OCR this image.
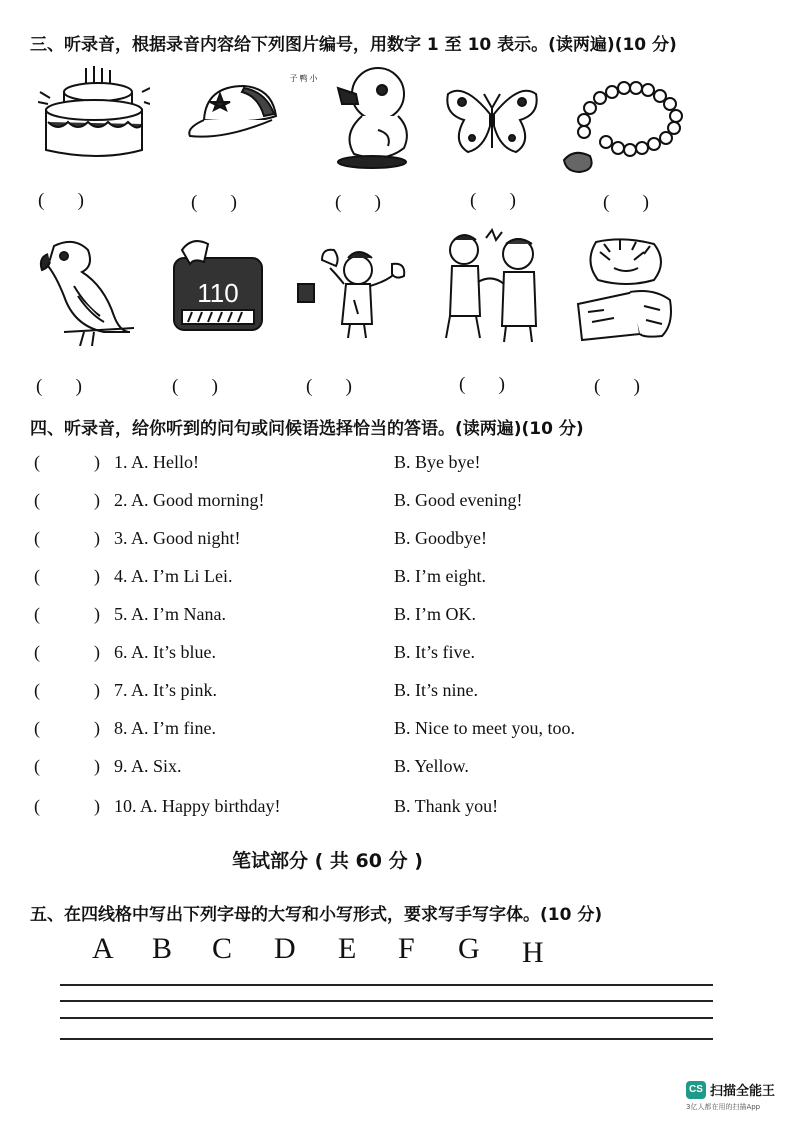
三、听录音，根据录音内容给下列图片编号，用数字 1 至 10 表示。(读两遍)(10 分)
小鸭子
(       )	(       )	(       )	(       )	(       )
110
(       )	(       )	(       )	(       )	(       )
四、听录音，给你听到的问句或问候语选择恰当的答语。(读两遍)(10 分)
(	) 1. A. Hello!	B. Bye bye!
(	) 2. A. Good morning!	B. Good evening!
(	) 3. A. Good night!	B. Goodbye!
(	) 4. A. I’m Li Lei.	B. I’m eight.
(	) 5. A. I’m Nana.	B. I’m OK.
(	) 6. A. It’s blue.	B. It’s five.
(	) 7. A. It’s pink.	B. It’s nine.
(	) 8. A. I’m fine.	B. Nice to meet you, too.
(	) 9. A. Six.	B. Yellow.
(	) 10. A. Happy birthday!	B. Thank you!
笔试部分 ( 共 60 分 )
五、在四线格中写出下列字母的大写和小写形式，要求写手写字体。(10 分)
A B C D E F G H
CS 扫描全能王
3亿人都在用的扫描App
